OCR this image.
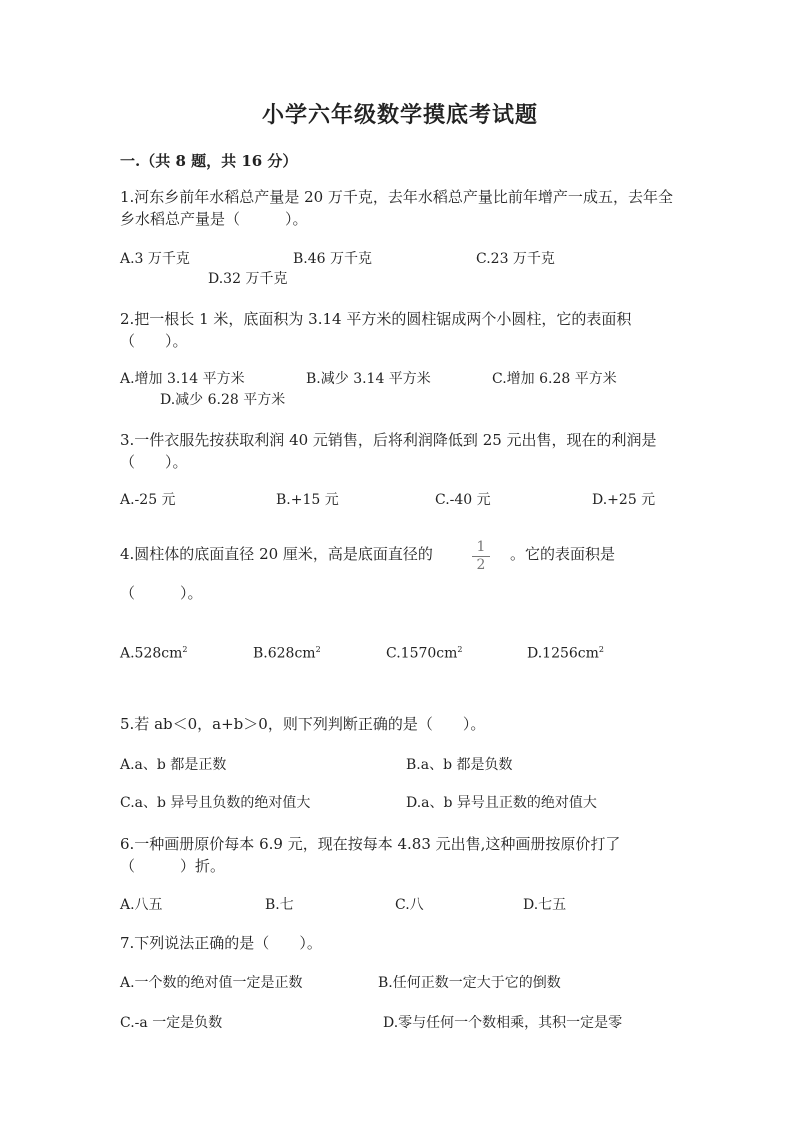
小学六年级数学摸底考试题
一.（共 8 题，共 16 分）
1.河东乡前年水稻总产量是 20 万千克，去年水稻总产量比前年增产一成五，去年全乡水稻总产量是（　　　）。
A.3 万千克	B.46 万千克	C.23 万千克
D.32 万千克
2.把一根长 1 米，底面积为 3.14 平方米的圆柱锯成两个小圆柱，它的表面积（　　）。
A.增加 3.14 平方米	B.减少 3.14 平方米	C.增加 6.28 平方米
D.减少 6.28 平方米
3.一件衣服先按获取利润 40 元销售，后将利润降低到 25 元出售，现在的利润是（　　）。
A.-25 元	B.+15 元	C.-40 元	D.+25 元
4.圆柱体的底面直径 20 厘米，高是底面直径的	1
2
。它的表面积是
（　　　）。
$A.528cm^2$	$B.628cm^2$	$C.1570cm^2$	$D.1256cm^2$
5.若 ab＜0，a+b＞0，则下列判断正确的是（　　）。
A.a、b 都是正数	B.a、b 都是负数
C.a、b 异号且负数的绝对值大	D.a、b 异号且正数的绝对值大
6.一种画册原价每本 6.9 元，现在按每本 4.83 元出售,这种画册按原价打了（　　　）折。
A.八五	B.七	C.八	D.七五
7.下列说法正确的是（　　）。
A.一个数的绝对值一定是正数	B.任何正数一定大于它的倒数
C.-a 一定是负数	D.零与任何一个数相乘，其积一定是零
